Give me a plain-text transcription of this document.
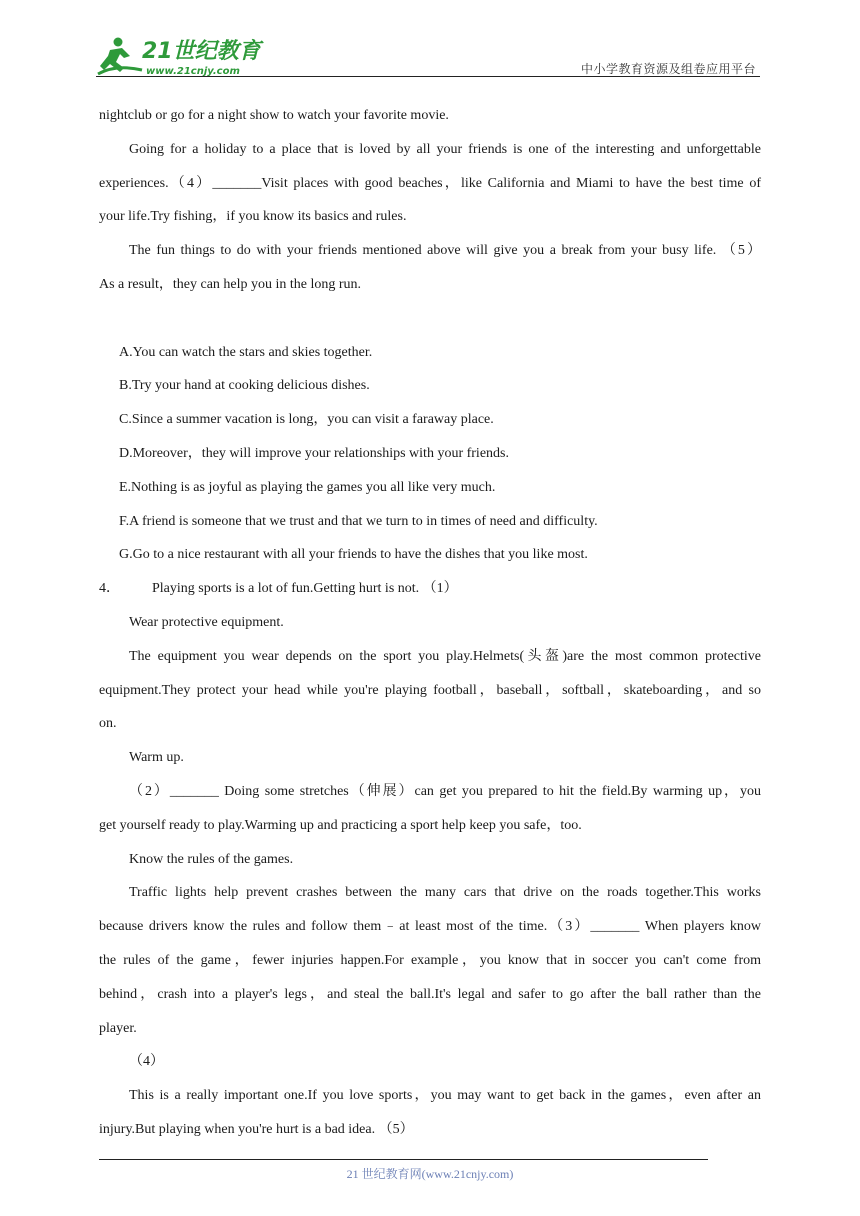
21世纪教育
www.21cnjy.com	中小学教育资源及组卷应用平台
nightclub or go for a night show to watch your favorite movie.
Going for a holiday to a place that is loved by all your friends is one of the interesting and unforgettable
experiences.（4）_______Visit places with good beaches，like California and Miami to have the best time of
your life.Try fishing，if you know its basics and rules.
The fun things to do with your friends mentioned above will give you a break from your busy life. （5）
As a result，they can help you in the long run.
A.You can watch the stars and skies together.
B.Try your hand at cooking delicious dishes.
C.Since a summer vacation is long，you can visit a faraway place.
D.Moreover，they will improve your relationships with your friends.
E.Nothing is as joyful as playing the games you all like very much.
F.A friend is someone that we trust and that we turn to in times of need and difficulty.
G.Go to a nice restaurant with all your friends to have the dishes that you like most.
4． Playing sports is a lot of fun.Getting hurt is not. （1）
Wear protective equipment.
The equipment you wear depends on the sport you play.Helmets(头盔)are the most common protective
equipment.They protect your head while you're playing football，baseball，softball，skateboarding，and so
on.
Warm up.
（2）_______ Doing some stretches（伸展）can get you prepared to hit the field.By warming up，you
get yourself ready to play.Warming up and practicing a sport help keep you safe，too.
Know the rules of the games.
Traffic lights help prevent crashes between the many cars that drive on the roads together.This works
because drivers know the rules and follow them﹣at least most of the time.（3）_______ When players know
the rules of the game，fewer injuries happen.For example，you know that in soccer you can't come from
behind，crash into a player's legs，and steal the ball.It's legal and safer to go after the ball rather than the
player.
（4）
This is a really important one.If you love sports，you may want to get back in the games，even after an
injury.But playing when you're hurt is a bad idea. （5）
21 世纪教育网(www.21cnjy.com)
